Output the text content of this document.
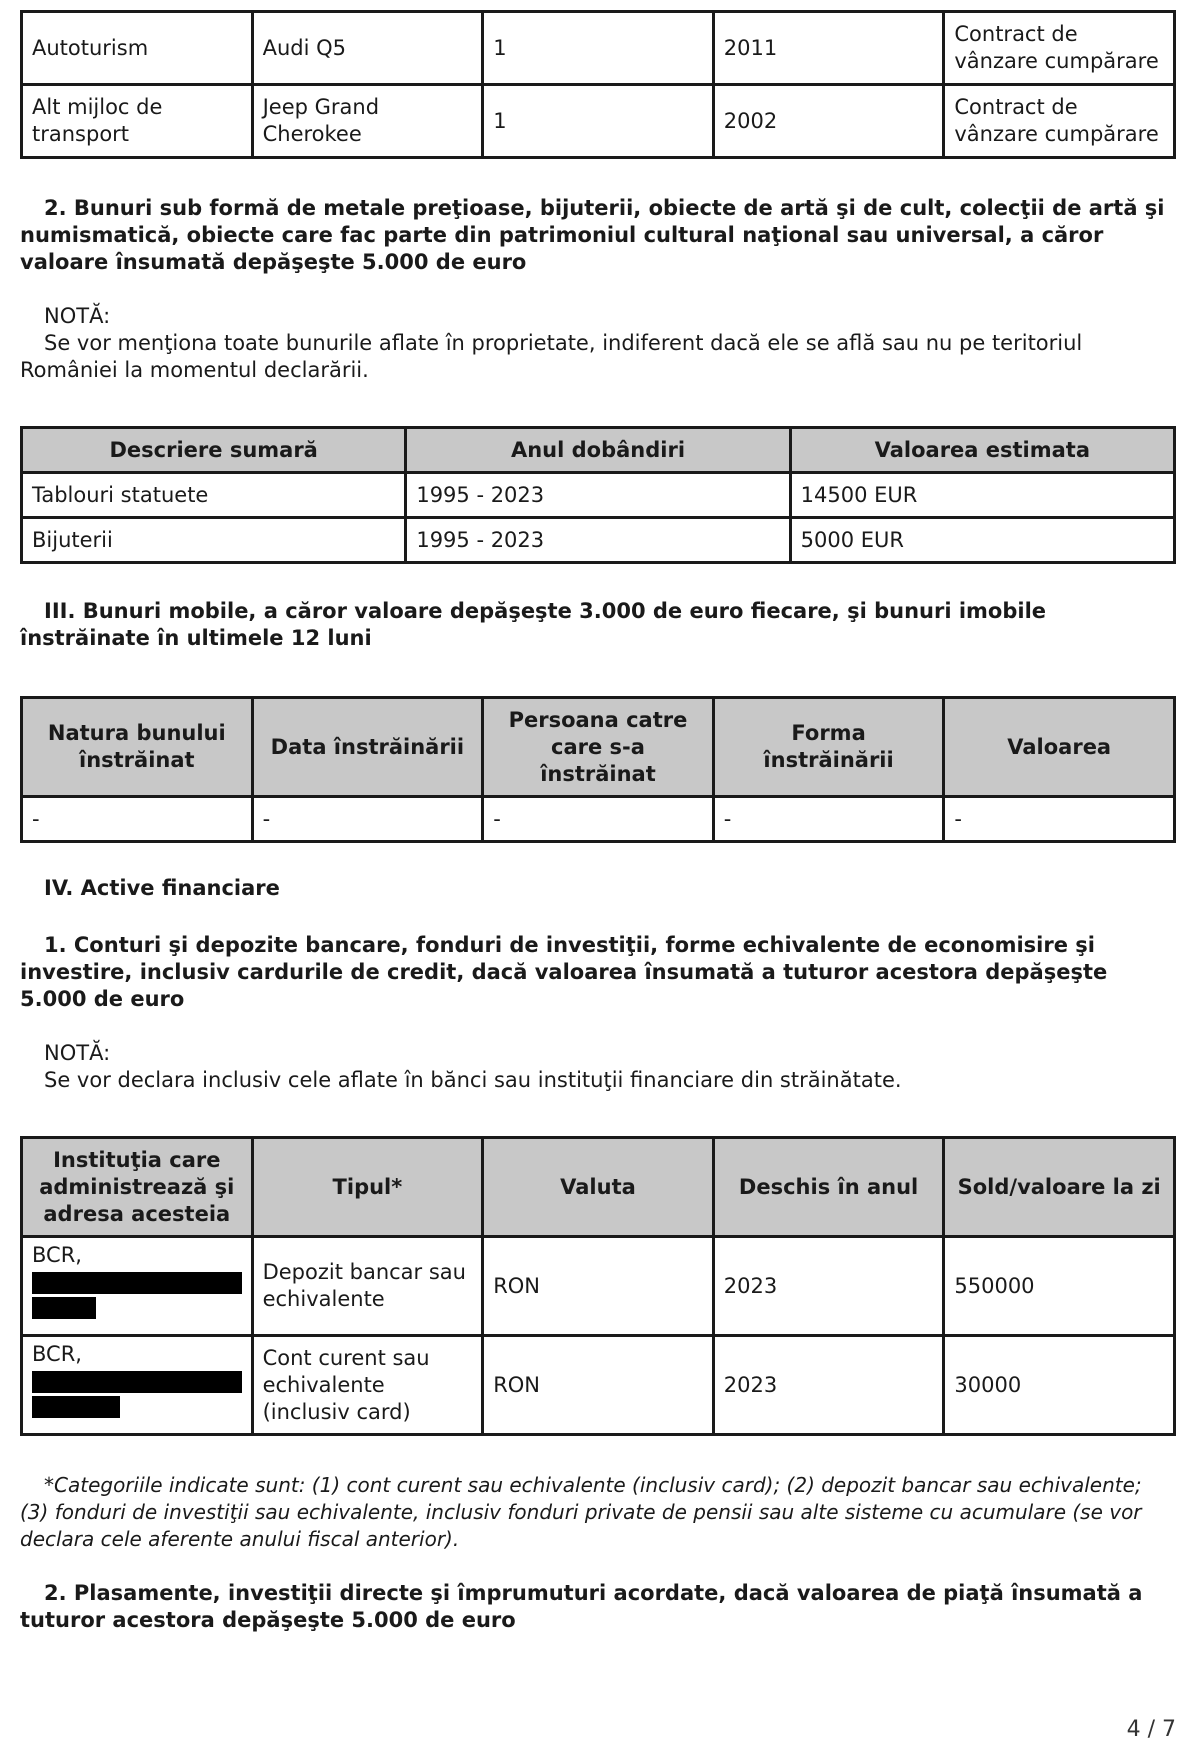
Autoturism	Audi Q5	1	2011	Contract de vânzare cumpărare
Alt mijloc de transport	Jeep Grand Cherokee	1	2002	Contract de vânzare cumpărare

2. Bunuri sub formă de metale preţioase, bijuterii, obiecte de artă şi de cult, colecţii de artă şi numismatică, obiecte care fac parte din patrimoniul cultural naţional sau universal, a căror valoare însumată depăşeşte 5.000 de euro

NOTĂ:

Se vor menţiona toate bunurile aflate în proprietate, indiferent dacă ele se află sau nu pe teritoriul României la momentul declarării.

Descriere sumară	Anul dobândiri	Valoarea estimata
Tablouri statuete	1995 - 2023	14500 EUR
Bijuterii	1995 - 2023	5000 EUR

III. Bunuri mobile, a căror valoare depăşeşte 3.000 de euro fiecare, şi bunuri imobile înstrăinate în ultimele 12 luni

Natura bunului înstrăinat	Data înstrăinării	Persoana catre care s-a înstrăinat	Forma înstrăinării	Valoarea
-	-	-	-	-

IV. Active financiare

1. Conturi şi depozite bancare, fonduri de investiţii, forme echivalente de economisire şi investire, inclusiv cardurile de credit, dacă valoarea însumată a tuturor acestora depăşeşte 5.000 de euro

NOTĂ:

Se vor declara inclusiv cele aflate în bănci sau instituţii financiare din străinătate.

Instituţia care administrează şi adresa acesteia	Tipul*	Valuta	Deschis în anul	Sold/valoare la zi
BCR,	Depozit bancar sau echivalente	RON	2023	550000
BCR,	Cont curent sau echivalente (inclusiv card)	RON	2023	30000

*Categoriile indicate sunt: (1) cont curent sau echivalente (inclusiv card); (2) depozit bancar sau echivalente; (3) fonduri de investiţii sau echivalente, inclusiv fonduri private de pensii sau alte sisteme cu acumulare (se vor declara cele aferente anului fiscal anterior).

2. Plasamente, investiţii directe şi împrumuturi acordate, dacă valoarea de piaţă însumată a tuturor acestora depăşeşte 5.000 de euro

4 / 7
